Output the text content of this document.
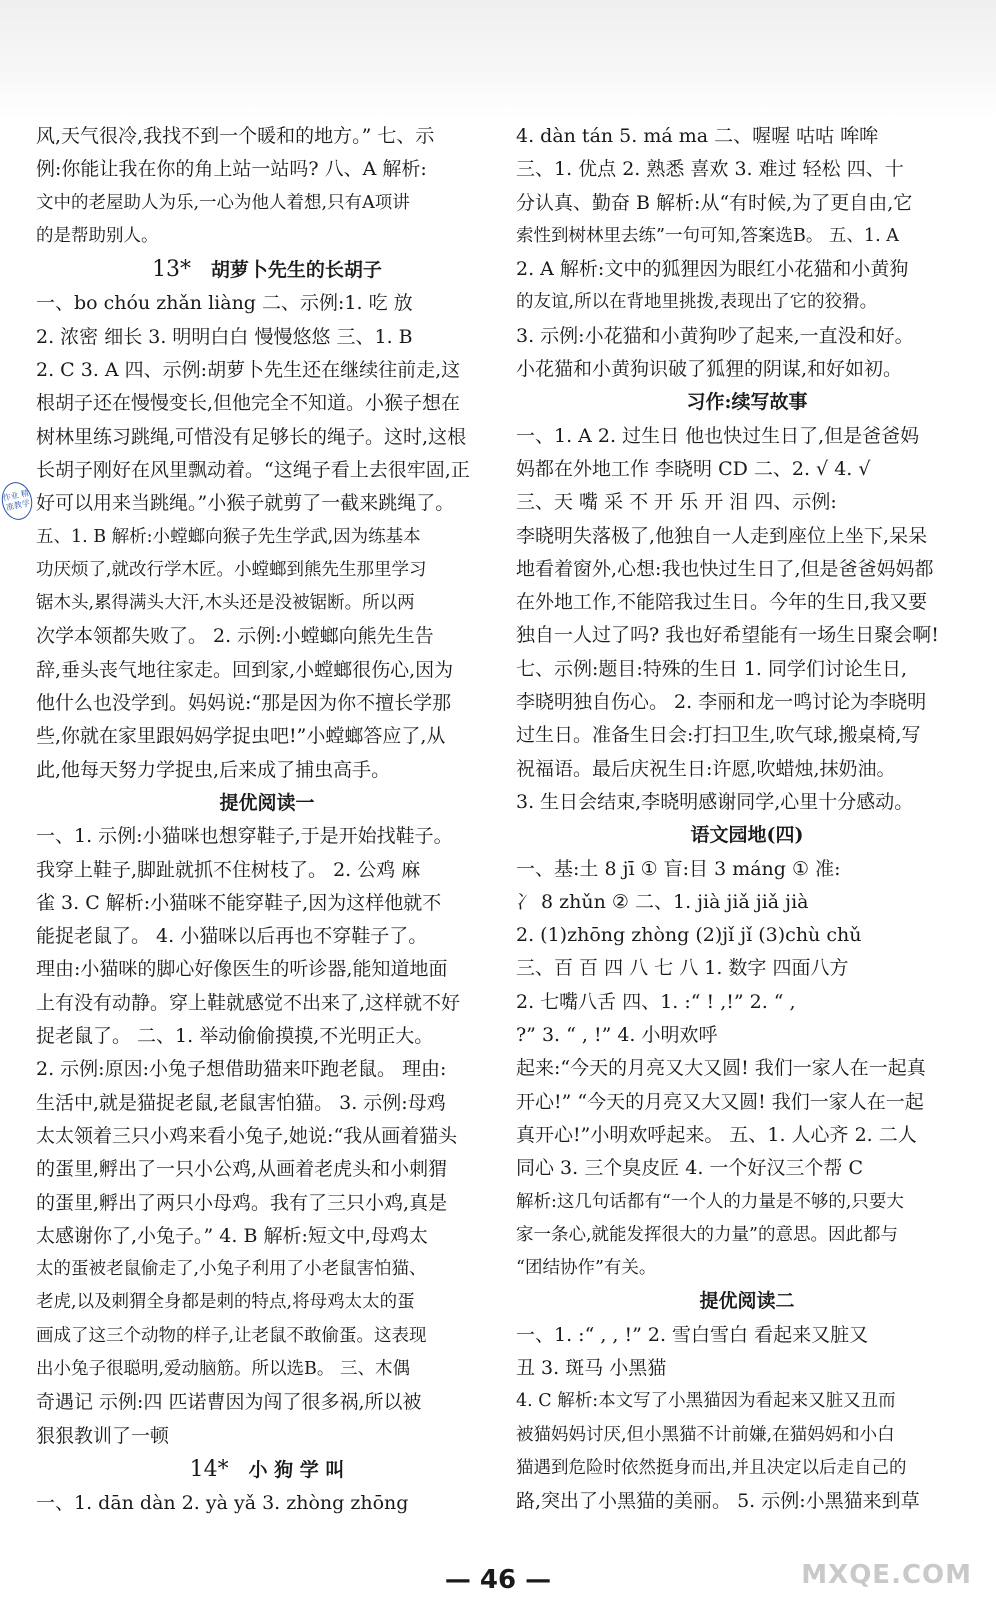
风,天气很冷,我找不到一个暖和的地方。” 七、示
例:你能让我在你的角上站一站吗? 八、A 解析:
文中的老屋助人为乐,一心为他人着想,只有A项讲
的是帮助别人。
13* 胡萝卜先生的长胡子
一、bo chóu zhǎn liàng 二、示例:1. 吃 放
2. 浓密 细长 3. 明明白白 慢慢悠悠 三、1. B
2. C 3. A 四、示例:胡萝卜先生还在继续往前走,这
根胡子还在慢慢变长,但他完全不知道。小猴子想在
树林里练习跳绳,可惜没有足够长的绳子。这时,这根
长胡子刚好在风里飘动着。“这绳子看上去很牢固,正
好可以用来当跳绳。”小猴子就剪了一截来跳绳了。
五、1. B 解析:小螳螂向猴子先生学武,因为练基本
功厌烦了,就改行学木匠。小螳螂到熊先生那里学习
锯木头,累得满头大汗,木头还是没被锯断。所以两
次学本领都失败了。 2. 示例:小螳螂向熊先生告
辞,垂头丧气地往家走。回到家,小螳螂很伤心,因为
他什么也没学到。妈妈说:“那是因为你不擅长学那
些,你就在家里跟妈妈学捉虫吧!”小螳螂答应了,从
此,他每天努力学捉虫,后来成了捕虫高手。
提优阅读一
一、1. 示例:小猫咪也想穿鞋子,于是开始找鞋子。
我穿上鞋子,脚趾就抓不住树枝了。 2. 公鸡 麻
雀 3. C 解析:小猫咪不能穿鞋子,因为这样他就不
能捉老鼠了。 4. 小猫咪以后再也不穿鞋子了。
理由:小猫咪的脚心好像医生的听诊器,能知道地面
上有没有动静。穿上鞋就感觉不出来了,这样就不好
捉老鼠了。 二、1. 举动偷偷摸摸,不光明正大。
2. 示例:原因:小兔子想借助猫来吓跑老鼠。 理由:
生活中,就是猫捉老鼠,老鼠害怕猫。 3. 示例:母鸡
太太领着三只小鸡来看小兔子,她说:“我从画着猫头
的蛋里,孵出了一只小公鸡,从画着老虎头和小刺猬
的蛋里,孵出了两只小母鸡。我有了三只小鸡,真是
太感谢你了,小兔子。” 4. B 解析:短文中,母鸡太
太的蛋被老鼠偷走了,小兔子利用了小老鼠害怕猫、
老虎,以及刺猬全身都是刺的特点,将母鸡太太的蛋
画成了这三个动物的样子,让老鼠不敢偷蛋。这表现
出小兔子很聪明,爱动脑筋。所以选B。 三、木偶
奇遇记 示例:四 匹诺曹因为闯了很多祸,所以被
狠狠教训了一顿
14* 小 狗 学 叫
一、1. dān dàn 2. yà yǎ 3. zhòng zhōng
4. dàn tán 5. má ma 二、喔喔 咕咕 哞哞
三、1. 优点 2. 熟悉 喜欢 3. 难过 轻松 四、十
分认真、勤奋 B 解析:从“有时候,为了更自由,它
索性到树林里去练”一句可知,答案选B。 五、1. A
2. A 解析:文中的狐狸因为眼红小花猫和小黄狗
的友谊,所以在背地里挑拨,表现出了它的狡猾。
3. 示例:小花猫和小黄狗吵了起来,一直没和好。
小花猫和小黄狗识破了狐狸的阴谋,和好如初。
习作:续写故事
一、1. A 2. 过生日 他也快过生日了,但是爸爸妈
妈都在外地工作 李晓明 CD 二、2. √ 4. √
三、天 嘴 采 不 开 乐 开 泪 四、示例:
李晓明失落极了,他独自一人走到座位上坐下,呆呆
地看着窗外,心想:我也快过生日了,但是爸爸妈妈都
在外地工作,不能陪我过生日。今年的生日,我又要
独自一人过了吗? 我也好希望能有一场生日聚会啊!
七、示例:题目:特殊的生日 1. 同学们讨论生日,
李晓明独自伤心。 2. 李丽和龙一鸣讨论为李晓明
过生日。准备生日会:打扫卫生,吹气球,搬桌椅,写
祝福语。最后庆祝生日:许愿,吹蜡烛,抹奶油。
3. 生日会结束,李晓明感谢同学,心里十分感动。
语文园地(四)
一、基:土 8 jī ① 盲:目 3 máng ① 准:
冫 8 zhǔn ② 二、1. jià jiǎ jiǎ jià
2. (1)zhōng zhòng (2)jǐ jǐ (3)chù chǔ
三、百 百 四 八 七 八 1. 数字 四面八方
2. 七嘴八舌 四、1. :“ ! ,!” 2. “ ,
?” 3. “ , !” 4. 小明欢呼
起来:“今天的月亮又大又圆! 我们一家人在一起真
开心!” “今天的月亮又大又圆! 我们一家人在一起
真开心!”小明欢呼起来。 五、1. 人心齐 2. 二人
同心 3. 三个臭皮匠 4. 一个好汉三个帮 C
解析:这几句话都有“一个人的力量是不够的,只要大
家一条心,就能发挥很大的力量”的意思。因此都与
“团结协作”有关。
提优阅读二
一、1. :“ , , !” 2. 雪白雪白 看起来又脏又
丑 3. 斑马 小黑猫
4. C 解析:本文写了小黑猫因为看起来又脏又丑而
被猫妈妈讨厌,但小黑猫不计前嫌,在猫妈妈和小白
猫遇到危险时依然挺身而出,并且决定以后走自己的
路,突出了小黑猫的美丽。 5. 示例:小黑猫来到草
作业 精准教学
— 46 —	MXQE.COM
